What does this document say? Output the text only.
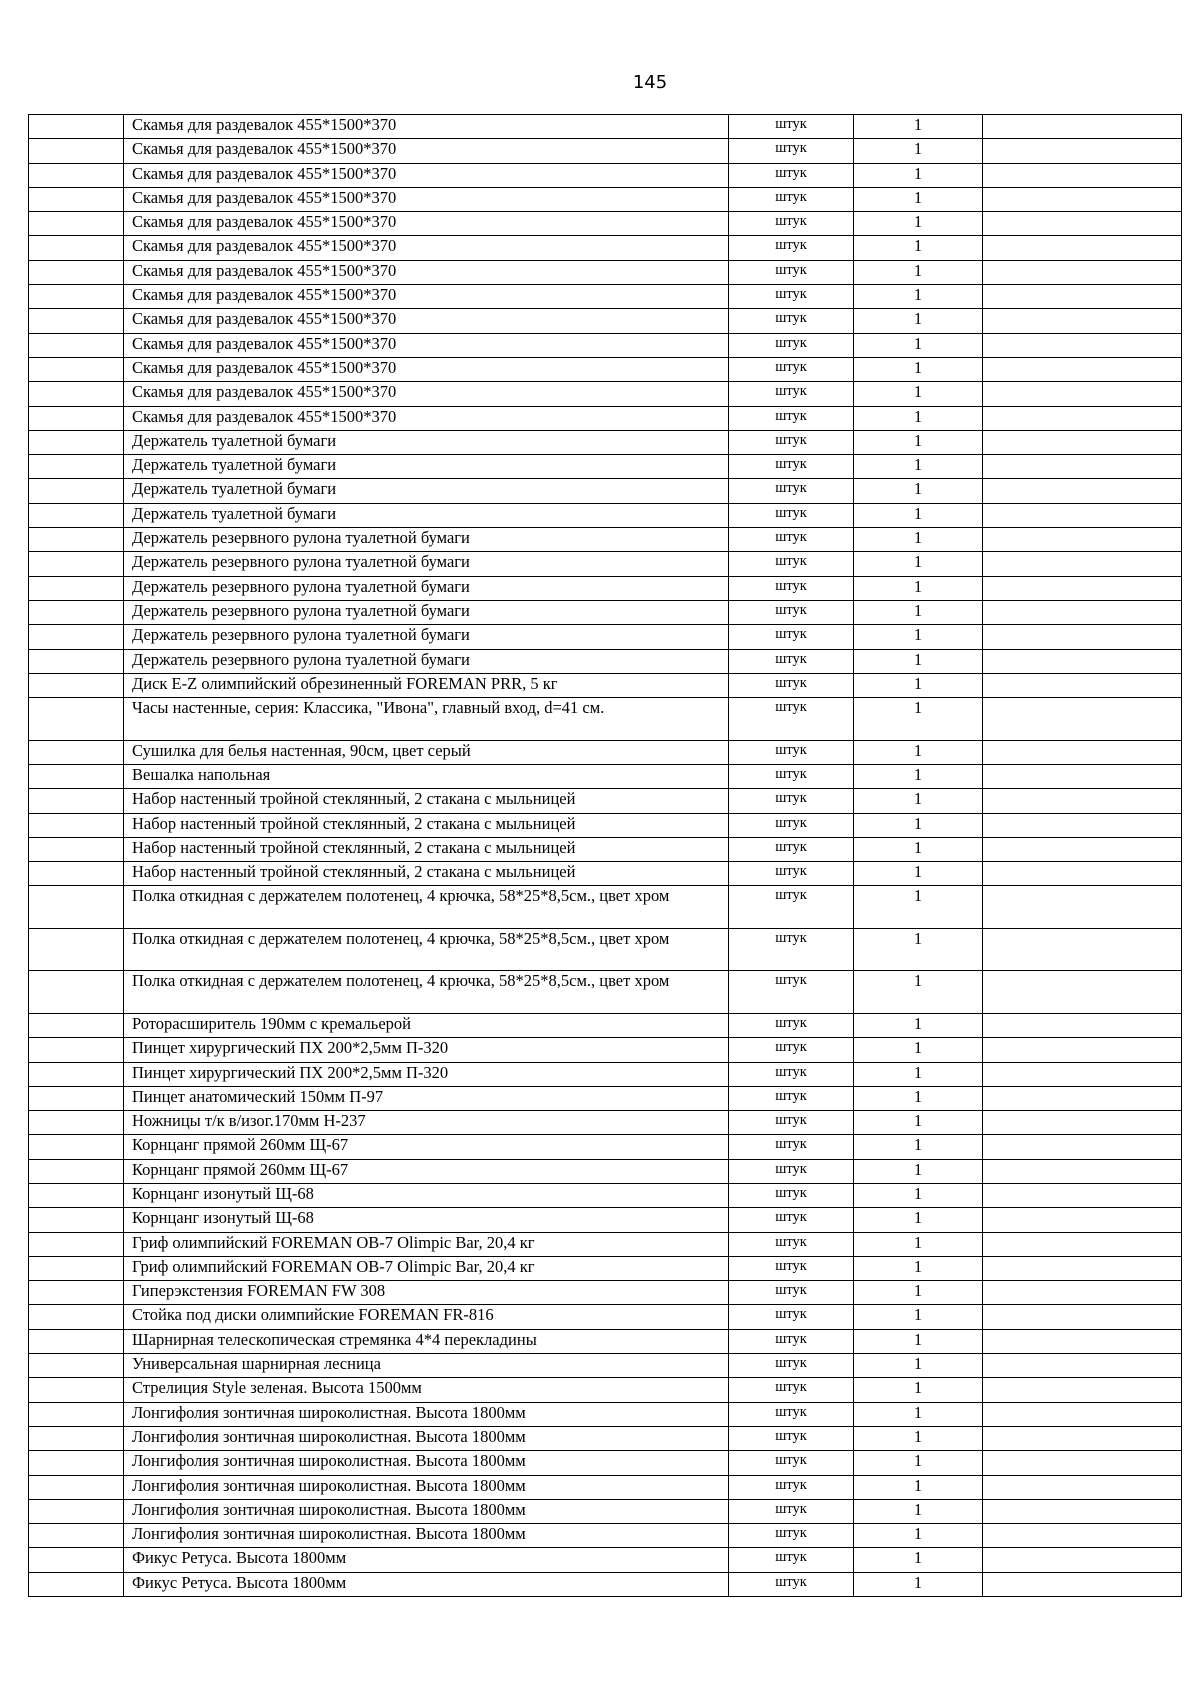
145
	Скамья для раздевалок 455*1500*370	штук	1	
	Скамья для раздевалок 455*1500*370	штук	1	
	Скамья для раздевалок 455*1500*370	штук	1	
	Скамья для раздевалок 455*1500*370	штук	1	
	Скамья для раздевалок 455*1500*370	штук	1	
	Скамья для раздевалок 455*1500*370	штук	1	
	Скамья для раздевалок 455*1500*370	штук	1	
	Скамья для раздевалок 455*1500*370	штук	1	
	Скамья для раздевалок 455*1500*370	штук	1	
	Скамья для раздевалок 455*1500*370	штук	1	
	Скамья для раздевалок 455*1500*370	штук	1	
	Скамья для раздевалок 455*1500*370	штук	1	
	Скамья для раздевалок 455*1500*370	штук	1	
	Держатель туалетной бумаги	штук	1	
	Держатель туалетной бумаги	штук	1	
	Держатель туалетной бумаги	штук	1	
	Держатель туалетной бумаги	штук	1	
	Держатель резервного рулона туалетной бумаги	штук	1	
	Держатель резервного рулона туалетной бумаги	штук	1	
	Держатель резервного рулона туалетной бумаги	штук	1	
	Держатель резервного рулона туалетной бумаги	штук	1	
	Держатель резервного рулона туалетной бумаги	штук	1	
	Держатель резервного рулона туалетной бумаги	штук	1	
	Диск E-Z олимпийский обрезиненный FOREMAN PRR, 5 кг	штук	1	
	Часы настенные, серия: Классика, "Ивона", главный вход, d=41 см.	штук	1	
	Сушилка для белья настенная, 90см, цвет серый	штук	1	
	Вешалка напольная	штук	1	
	Набор настенный тройной стеклянный, 2 стакана с мыльницей	штук	1	
	Набор настенный тройной стеклянный, 2 стакана с мыльницей	штук	1	
	Набор настенный тройной стеклянный, 2 стакана с мыльницей	штук	1	
	Набор настенный тройной стеклянный, 2 стакана с мыльницей	штук	1	
	Полка откидная с держателем полотенец, 4 крючка, 58*25*8,5см., цвет хром	штук	1	
	Полка откидная с держателем полотенец, 4 крючка, 58*25*8,5см., цвет хром	штук	1	
	Полка откидная с держателем полотенец, 4 крючка, 58*25*8,5см., цвет хром	штук	1	
	Роторасширитель 190мм с кремальерой	штук	1	
	Пинцет хирургический ПХ 200*2,5мм П-320	штук	1	
	Пинцет хирургический ПХ 200*2,5мм П-320	штук	1	
	Пинцет анатомический 150мм П-97	штук	1	
	Ножницы т/к в/изог.170мм Н-237	штук	1	
	Корнцанг прямой 260мм Щ-67	штук	1	
	Корнцанг прямой 260мм Щ-67	штук	1	
	Корнцанг изонутый Щ-68	штук	1	
	Корнцанг изонутый Щ-68	штук	1	
	Гриф олимпийский FOREMAN OB-7 Olimpic Bar, 20,4 кг	штук	1	
	Гриф олимпийский FOREMAN OB-7 Olimpic Bar, 20,4 кг	штук	1	
	Гиперэкстензия FOREMAN FW 308	штук	1	
	Стойка под диски олимпийские FOREMAN FR-816	штук	1	
	Шарнирная телескопическая стремянка 4*4 перекладины	штук	1	
	Универсальная шарнирная лесница	штук	1	
	Стрелиция Style зеленая. Высота 1500мм	штук	1	
	Лонгифолия зонтичная широколистная. Высота 1800мм	штук	1	
	Лонгифолия зонтичная широколистная. Высота 1800мм	штук	1	
	Лонгифолия зонтичная широколистная. Высота 1800мм	штук	1	
	Лонгифолия зонтичная широколистная. Высота 1800мм	штук	1	
	Лонгифолия зонтичная широколистная. Высота 1800мм	штук	1	
	Лонгифолия зонтичная широколистная. Высота 1800мм	штук	1	
	Фикус Ретуса. Высота 1800мм	штук	1	
	Фикус Ретуса. Высота 1800мм	штук	1	
